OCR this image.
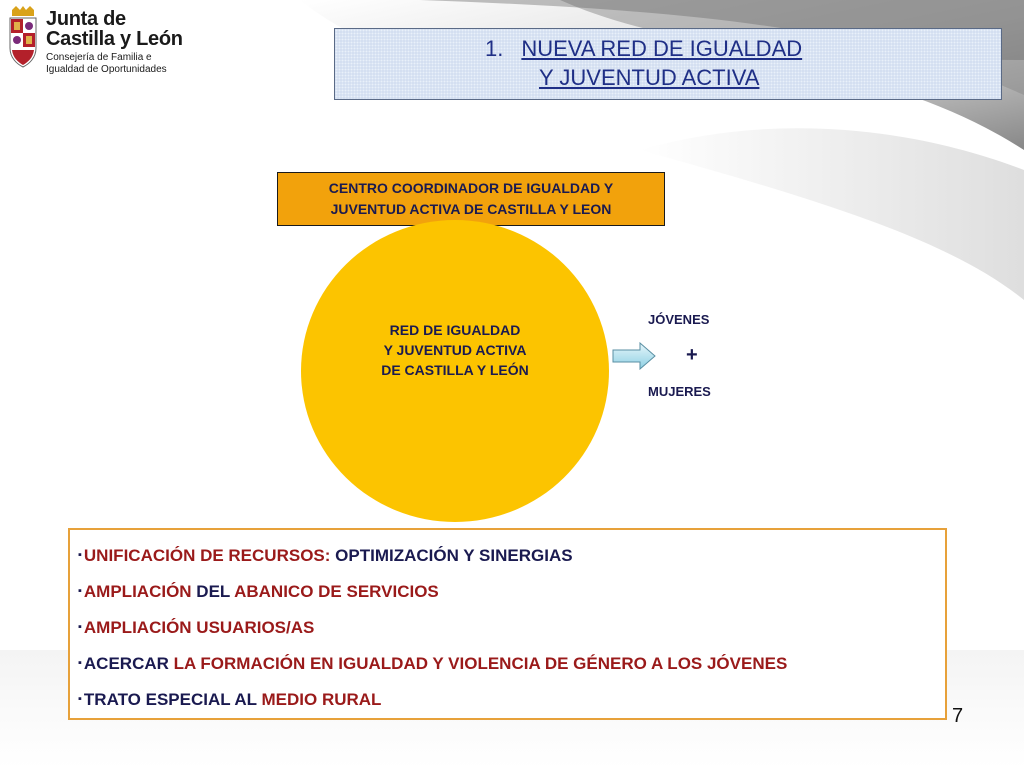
Junta de
Castilla y León
Consejería de Familia e
Igualdad de Oportunidades
1. NUEVA RED DE IGUALDAD
Y JUVENTUD ACTIVA
CENTRO COORDINADOR DE IGUALDAD Y
JUVENTUD ACTIVA DE CASTILLA Y LEON
RED DE IGUALDAD
Y JUVENTUD ACTIVA
DE CASTILLA Y LEÓN
JÓVENES
+
MUJERES
▪ UNIFICACIÓN DE RECURSOS: OPTIMIZACIÓN Y SINERGIAS
▪ AMPLIACIÓN DEL ABANICO DE SERVICIOS
▪ AMPLIACIÓN USUARIOS/AS
▪ ACERCAR LA FORMACIÓN EN IGUALDAD Y VIOLENCIA DE GÉNERO A LOS JÓVENES
▪ TRATO ESPECIAL AL MEDIO RURAL
7
